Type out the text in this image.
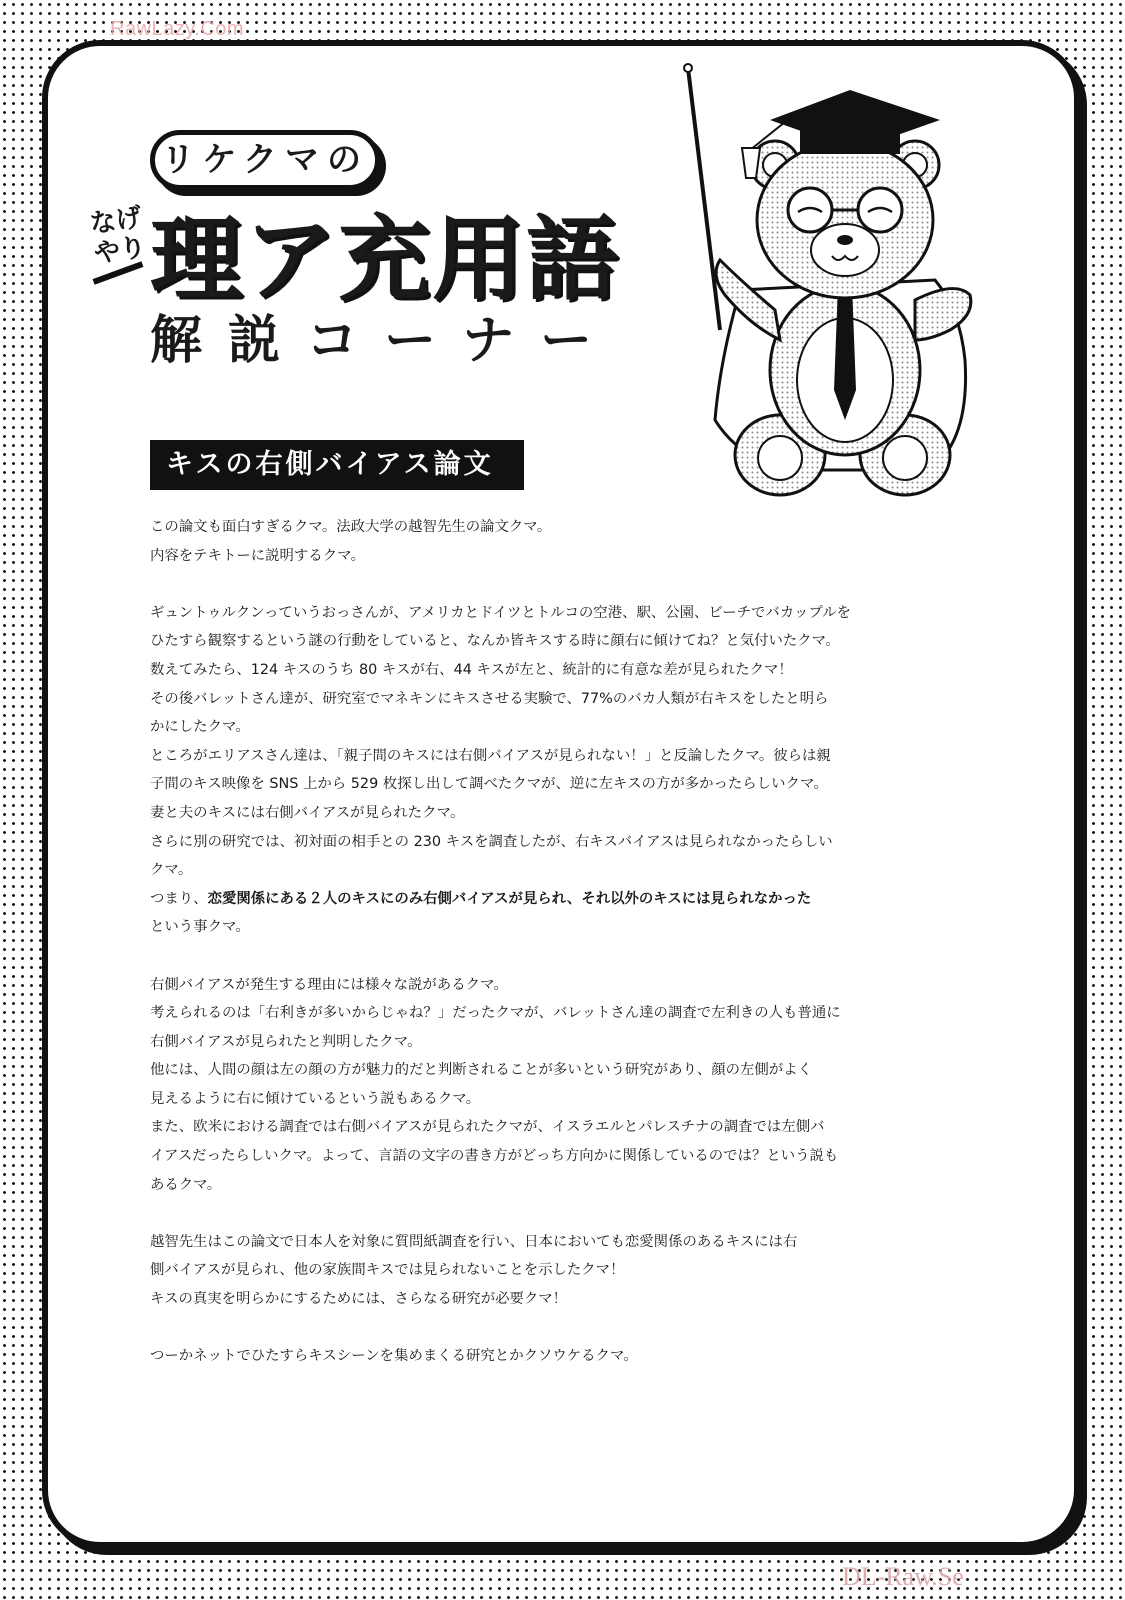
RawLazy.Com
DL-Raw.Se
リケクマの
なげ
やり 理ア充用語
解説コーナー
キスの右側バイアス論文

この論文も面白すぎるクマ。法政大学の越智先生の論文クマ。

内容をテキトーに説明するクマ。

ギュントゥルクンっていうおっさんが、アメリカとドイツとトルコの空港、駅、公園、ビーチでバカップルを

ひたすら観察するという謎の行動をしていると、なんか皆キスする時に顔右に傾けてね？と気付いたクマ。

数えてみたら、124 キスのうち 80 キスが右、44 キスが左と、統計的に有意な差が見られたクマ！

その後バレットさん達が、研究室でマネキンにキスさせる実験で、77%のバカ人類が右キスをしたと明ら

かにしたクマ。

ところがエリアスさん達は、「親子間のキスには右側バイアスが見られない！」と反論したクマ。彼らは親

子間のキス映像を SNS 上から 529 枚探し出して調べたクマが、逆に左キスの方が多かったらしいクマ。

妻と夫のキスには右側バイアスが見られたクマ。

さらに別の研究では、初対面の相手との 230 キスを調査したが、右キスバイアスは見られなかったらしい

クマ。

つまり、恋愛関係にある２人のキスにのみ右側バイアスが見られ、それ以外のキスには見られなかった

という事クマ。

右側バイアスが発生する理由には様々な説があるクマ。

考えられるのは「右利きが多いからじゃね？」だったクマが、バレットさん達の調査で左利きの人も普通に

右側バイアスが見られたと判明したクマ。

他には、人間の顔は左の顔の方が魅力的だと判断されることが多いという研究があり、顔の左側がよく

見えるように右に傾けているという説もあるクマ。

また、欧米における調査では右側バイアスが見られたクマが、イスラエルとパレスチナの調査では左側バ

イアスだったらしいクマ。よって、言語の文字の書き方がどっち方向かに関係しているのでは？という説も

あるクマ。

越智先生はこの論文で日本人を対象に質問紙調査を行い、日本においても恋愛関係のあるキスには右

側バイアスが見られ、他の家族間キスでは見られないことを示したクマ！

キスの真実を明らかにするためには、さらなる研究が必要クマ！

つーかネットでひたすらキスシーンを集めまくる研究とかクソウケるクマ。
